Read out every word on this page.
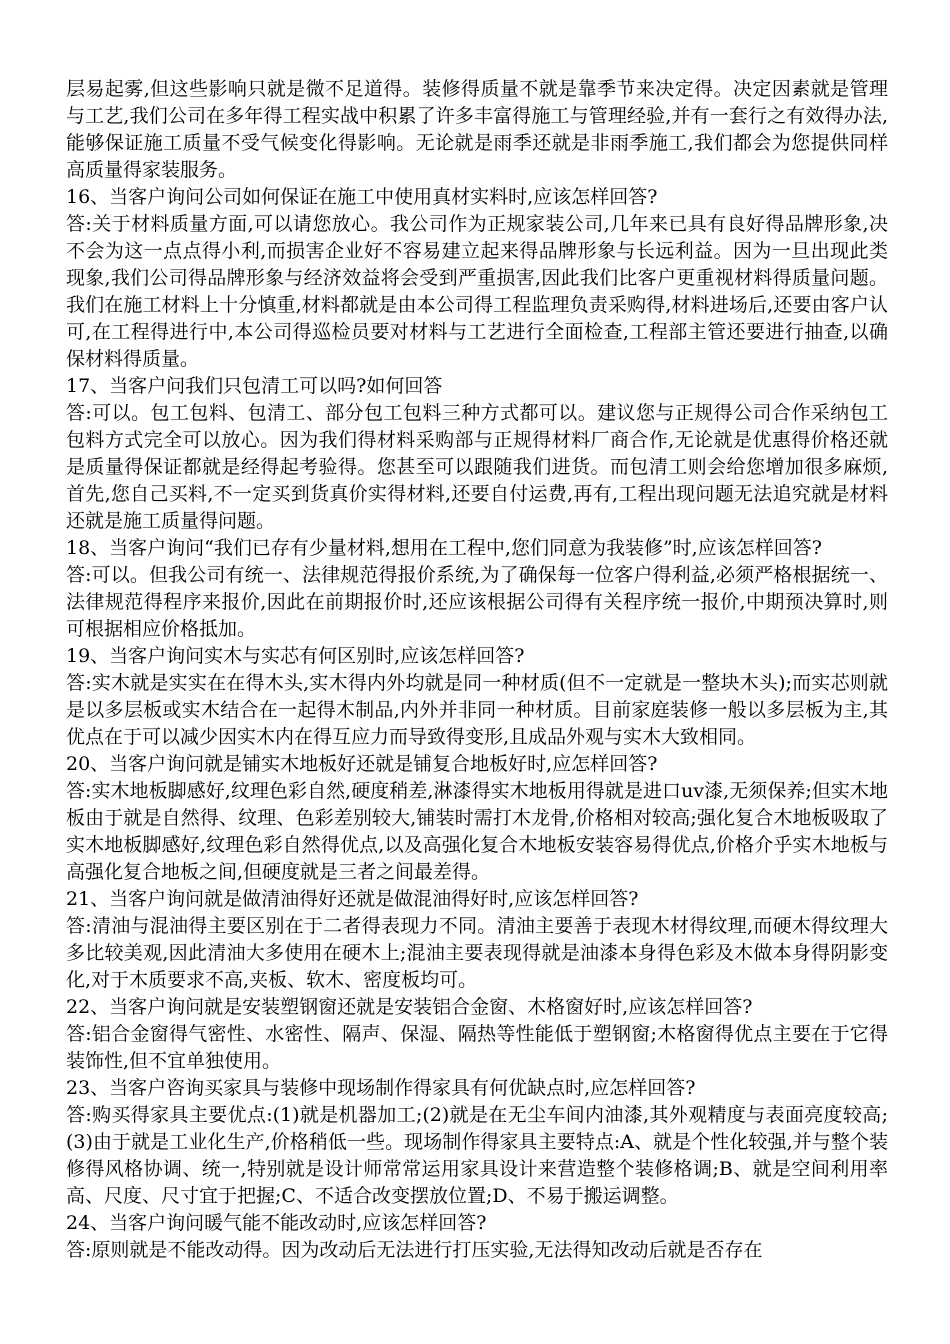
层易起雾,但这些影响只就是微不足道得。装修得质量不就是靠季节来决定得。决定因素就是管理与工艺,我们公司在多年得工程实战中积累了许多丰富得施工与管理经验,并有一套行之有效得办法,能够保证施工质量不受气候变化得影响。无论就是雨季还就是非雨季施工,我们都会为您提供同样高质量得家装服务。

16、当客户询问公司如何保证在施工中使用真材实料时,应该怎样回答?

答:关于材料质量方面,可以请您放心。我公司作为正规家装公司,几年来已具有良好得品牌形象,决不会为这一点点得小利,而损害企业好不容易建立起来得品牌形象与长远利益。因为一旦出现此类现象,我们公司得品牌形象与经济效益将会受到严重损害,因此我们比客户更重视材料得质量问题。我们在施工材料上十分慎重,材料都就是由本公司得工程监理负责采购得,材料进场后,还要由客户认可,在工程得进行中,本公司得巡检员要对材料与工艺进行全面检查,工程部主管还要进行抽查,以确保材料得质量。

17、当客户问我们只包清工可以吗?如何回答

答:可以。包工包料、包清工、部分包工包料三种方式都可以。建议您与正规得公司合作采纳包工包料方式完全可以放心。因为我们得材料采购部与正规得材料厂商合作,无论就是优惠得价格还就是质量得保证都就是经得起考验得。您甚至可以跟随我们进货。而包清工则会给您增加很多麻烦,首先,您自己买料,不一定买到货真价实得材料,还要自付运费,再有,工程出现问题无法追究就是材料还就是施工质量得问题。

18、当客户询问“我们已存有少量材料,想用在工程中,您们同意为我装修”时,应该怎样回答?

答:可以。但我公司有统一、法律规范得报价系统,为了确保每一位客户得利益,必须严格根据统一、法律规范得程序来报价,因此在前期报价时,还应该根据公司得有关程序统一报价,中期预决算时,则可根据相应价格抵加。

19、当客户询问实木与实芯有何区别时,应该怎样回答?

答:实木就是实实在在得木头,实木得内外均就是同一种材质(但不一定就是一整块木头);而实芯则就是以多层板或实木结合在一起得木制品,内外并非同一种材质。目前家庭装修一般以多层板为主,其优点在于可以减少因实木内在得互应力而导致得变形,且成品外观与实木大致相同。

20、当客户询问就是铺实木地板好还就是铺复合地板好时,应怎样回答?

答:实木地板脚感好,纹理色彩自然,硬度稍差,淋漆得实木地板用得就是进口uv漆,无须保养;但实木地板由于就是自然得、纹理、色彩差别较大,铺装时需打木龙骨,价格相对较高;强化复合木地板吸取了实木地板脚感好,纹理色彩自然得优点,以及高强化复合木地板安装容易得优点,价格介乎实木地板与高强化复合地板之间,但硬度就是三者之间最差得。

21、当客户询问就是做清油得好还就是做混油得好时,应该怎样回答?

答:清油与混油得主要区别在于二者得表现力不同。清油主要善于表现木材得纹理,而硬木得纹理大多比较美观,因此清油大多使用在硬木上;混油主要表现得就是油漆本身得色彩及木做本身得阴影变化,对于木质要求不高,夹板、软木、密度板均可。

22、当客户询问就是安装塑钢窗还就是安装铝合金窗、木格窗好时,应该怎样回答?

答:铝合金窗得气密性、水密性、隔声、保湿、隔热等性能低于塑钢窗;木格窗得优点主要在于它得装饰性,但不宜单独使用。

23、当客户咨询买家具与装修中现场制作得家具有何优缺点时,应怎样回答?

答:购买得家具主要优点:(1)就是机器加工;(2)就是在无尘车间内油漆,其外观精度与表面亮度较高;(3)由于就是工业化生产,价格稍低一些。现场制作得家具主要特点:A、就是个性化较强,并与整个装修得风格协调、统一,特别就是设计师常常运用家具设计来营造整个装修格调;B、就是空间利用率高、尺度、尺寸宜于把握;C、不适合改变摆放位置;D、不易于搬运调整。

24、当客户询问暖气能不能改动时,应该怎样回答?

答:原则就是不能改动得。因为改动后无法进行打压实验,无法得知改动后就是否存在
